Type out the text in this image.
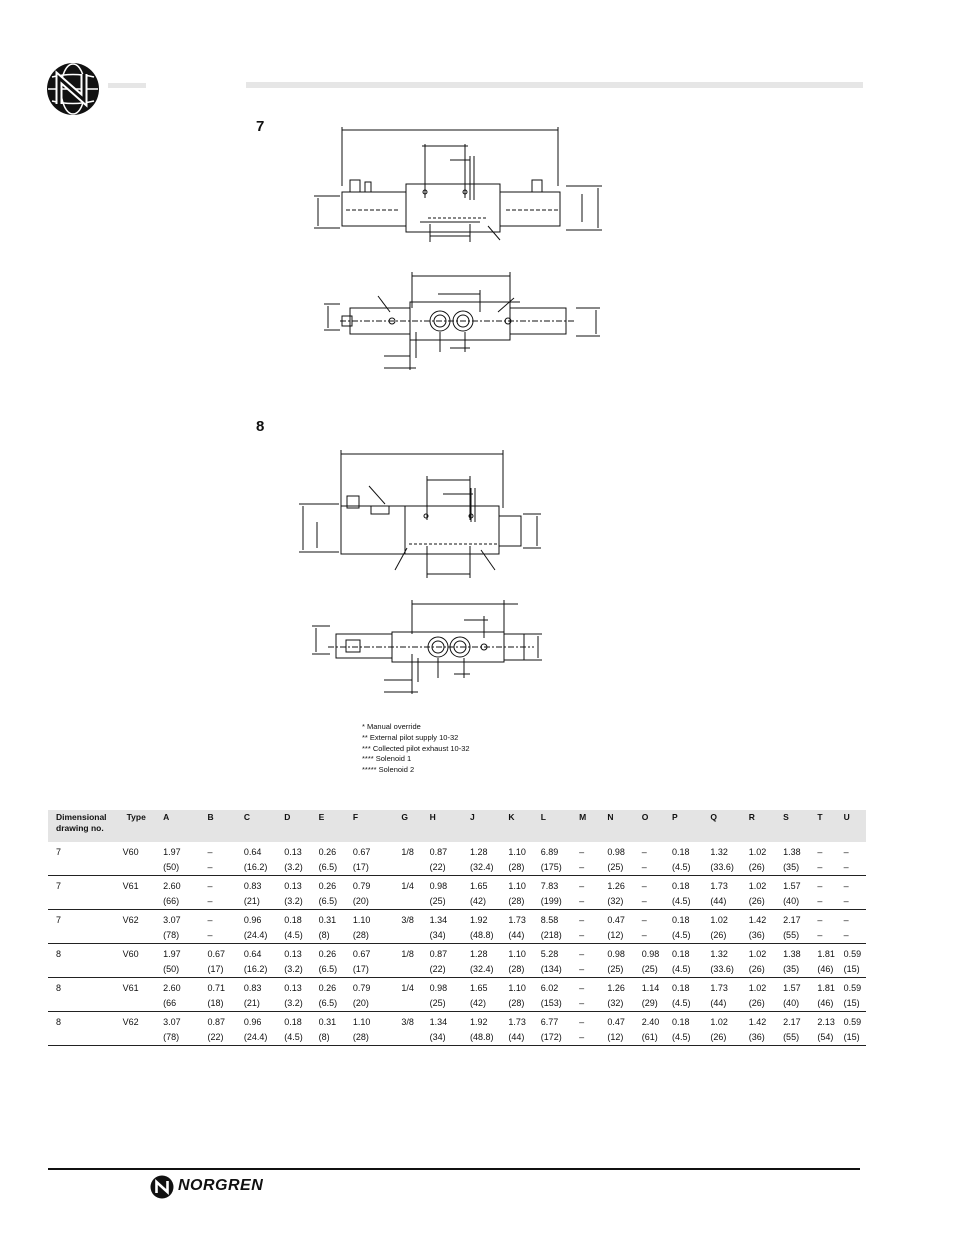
7
8
* Manual override
** External pilot supply 10-32
*** Collected pilot exhaust 10-32
**** Solenoid 1
***** Solenoid 2
Dimensional drawing no.	Type	A	B	C	D	E	F	G	H	J	K	L	M	N	O	P	Q	R	S	T	U
7	V60	1.97	–	0.64	0.13	0.26	0.67	1/8	0.87	1.28	1.10	6.89	–	0.98	–	0.18	1.32	1.02	1.38	–	–
		(50)	–	(16.2)	(3.2)	(6.5)	(17)		(22)	(32.4)	(28)	(175)	–	(25)	–	(4.5)	(33.6)	(26)	(35)	–	–
7	V61	2.60	–	0.83	0.13	0.26	0.79	1/4	0.98	1.65	1.10	7.83	–	1.26	–	0.18	1.73	1.02	1.57	–	–
		(66)	–	(21)	(3.2)	(6.5)	(20)		(25)	(42)	(28)	(199)	–	(32)	–	(4.5)	(44)	(26)	(40)	–	–
7	V62	3.07	–	0.96	0.18	0.31	1.10	3/8	1.34	1.92	1.73	8.58	–	0.47	–	0.18	1.02	1.42	2.17	–	–
		(78)	–	(24.4)	(4.5)	(8)	(28)		(34)	(48.8)	(44)	(218)	–	(12)	–	(4.5)	(26)	(36)	(55)	–	–
8	V60	1.97	0.67	0.64	0.13	0.26	0.67	1/8	0.87	1.28	1.10	5.28	–	0.98	0.98	0.18	1.32	1.02	1.38	1.81	0.59
		(50)	(17)	(16.2)	(3.2)	(6.5)	(17)		(22)	(32.4)	(28)	(134)	–	(25)	(25)	(4.5)	(33.6)	(26)	(35)	(46)	(15)
8	V61	2.60	0.71	0.83	0.13	0.26	0.79	1/4	0.98	1.65	1.10	6.02	–	1.26	1.14	0.18	1.73	1.02	1.57	1.81	0.59
		(66	(18)	(21)	(3.2)	(6.5)	(20)		(25)	(42)	(28)	(153)	–	(32)	(29)	(4.5)	(44)	(26)	(40)	(46)	(15)
8	V62	3.07	0.87	0.96	0.18	0.31	1.10	3/8	1.34	1.92	1.73	6.77	–	0.47	2.40	0.18	1.02	1.42	2.17	2.13	0.59
		(78)	(22)	(24.4)	(4.5)	(8)	(28)		(34)	(48.8)	(44)	(172)	–	(12)	(61)	(4.5)	(26)	(36)	(55)	(54)	(15)
NORGREN
